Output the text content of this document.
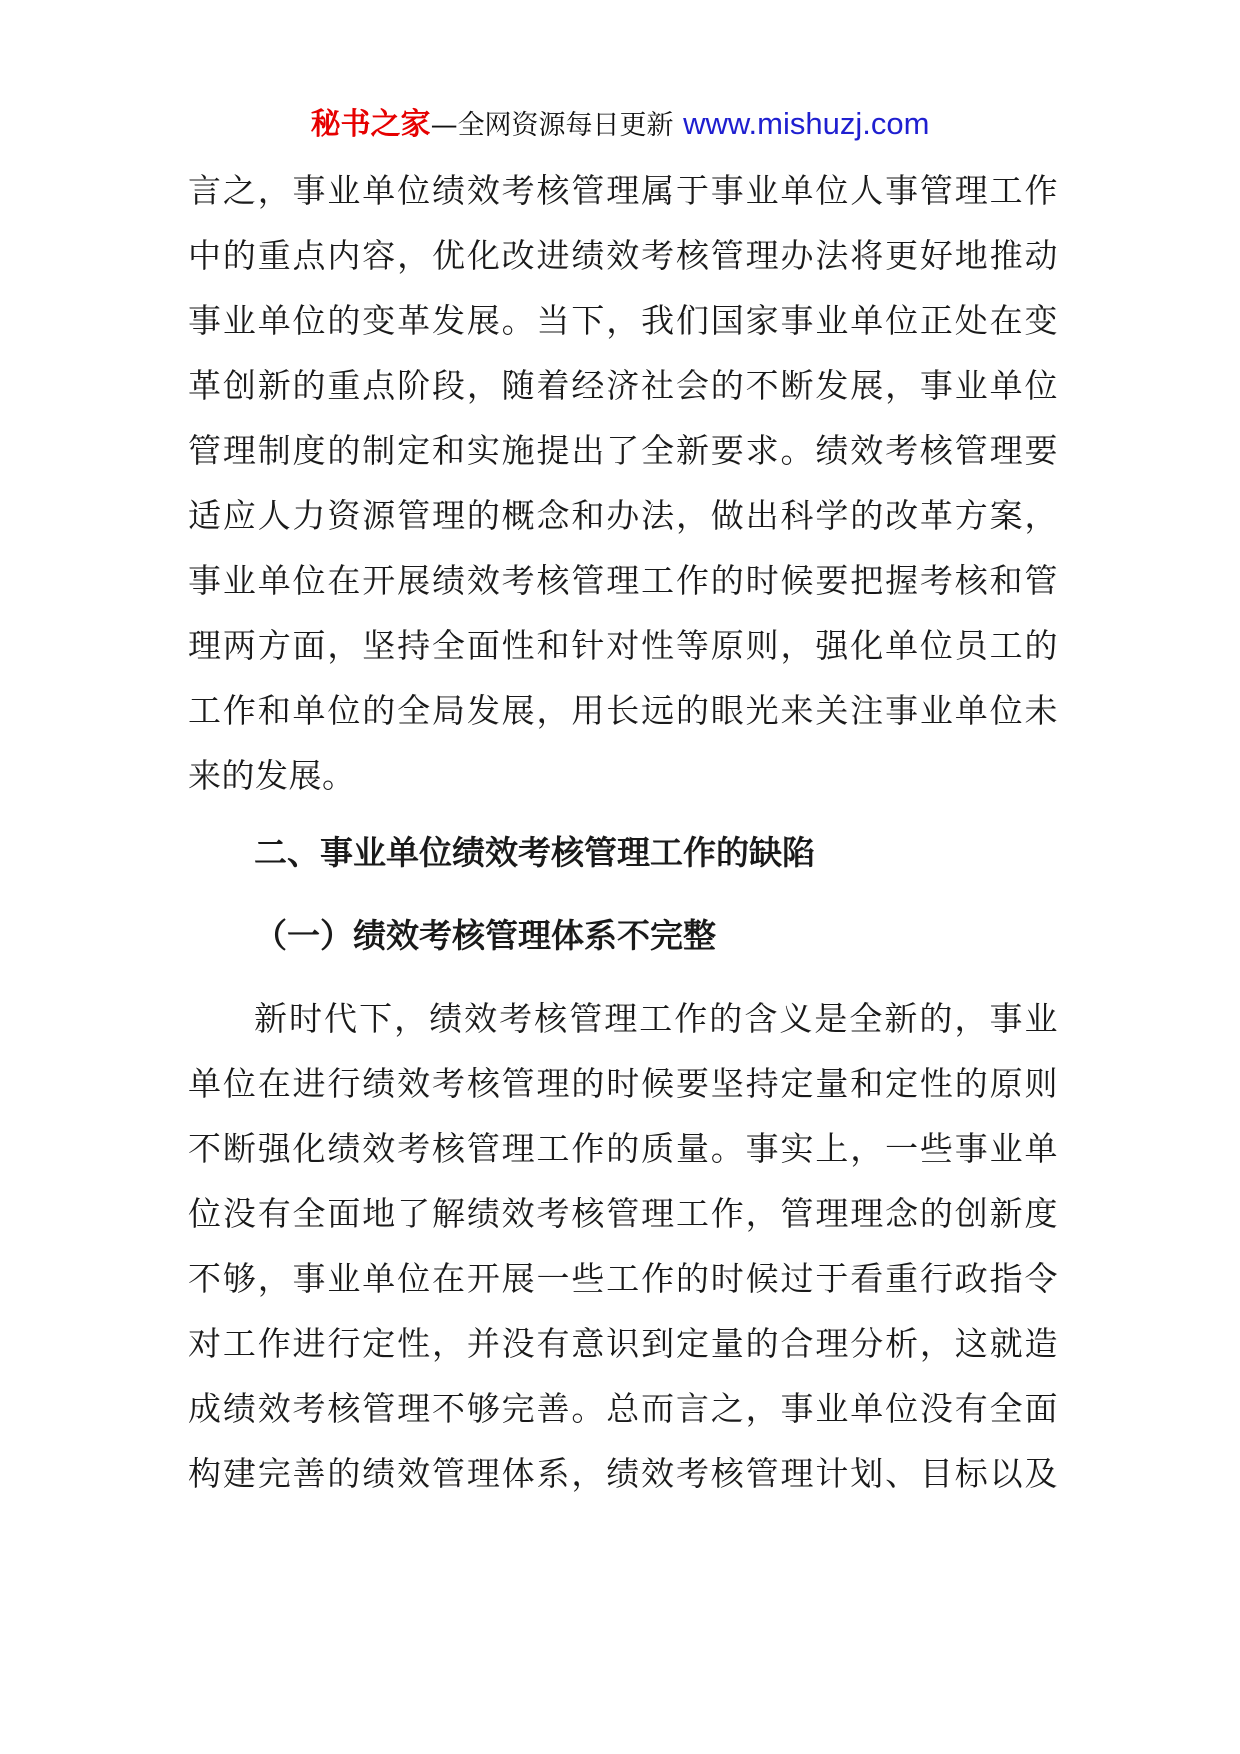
秘书之家—全网资源每日更新 www.mishuzj.com
言之，事业单位绩效考核管理属于事业单位人事管理工作
中的重点内容，优化改进绩效考核管理办法将更好地推动
事业单位的变革发展。当下，我们国家事业单位正处在变
革创新的重点阶段，随着经济社会的不断发展，事业单位
管理制度的制定和实施提出了全新要求。绩效考核管理要
适应人力资源管理的概念和办法，做出科学的改革方案，
事业单位在开展绩效考核管理工作的时候要把握考核和管
理两方面，坚持全面性和针对性等原则，强化单位员工的
工作和单位的全局发展，用长远的眼光来关注事业单位未
来的发展。
二、事业单位绩效考核管理工作的缺陷
（一）绩效考核管理体系不完整
新时代下，绩效考核管理工作的含义是全新的，事业
单位在进行绩效考核管理的时候要坚持定量和定性的原则
不断强化绩效考核管理工作的质量。事实上，一些事业单
位没有全面地了解绩效考核管理工作，管理理念的创新度
不够，事业单位在开展一些工作的时候过于看重行政指令
对工作进行定性，并没有意识到定量的合理分析，这就造
成绩效考核管理不够完善。总而言之，事业单位没有全面
构建完善的绩效管理体系，绩效考核管理计划、目标以及
